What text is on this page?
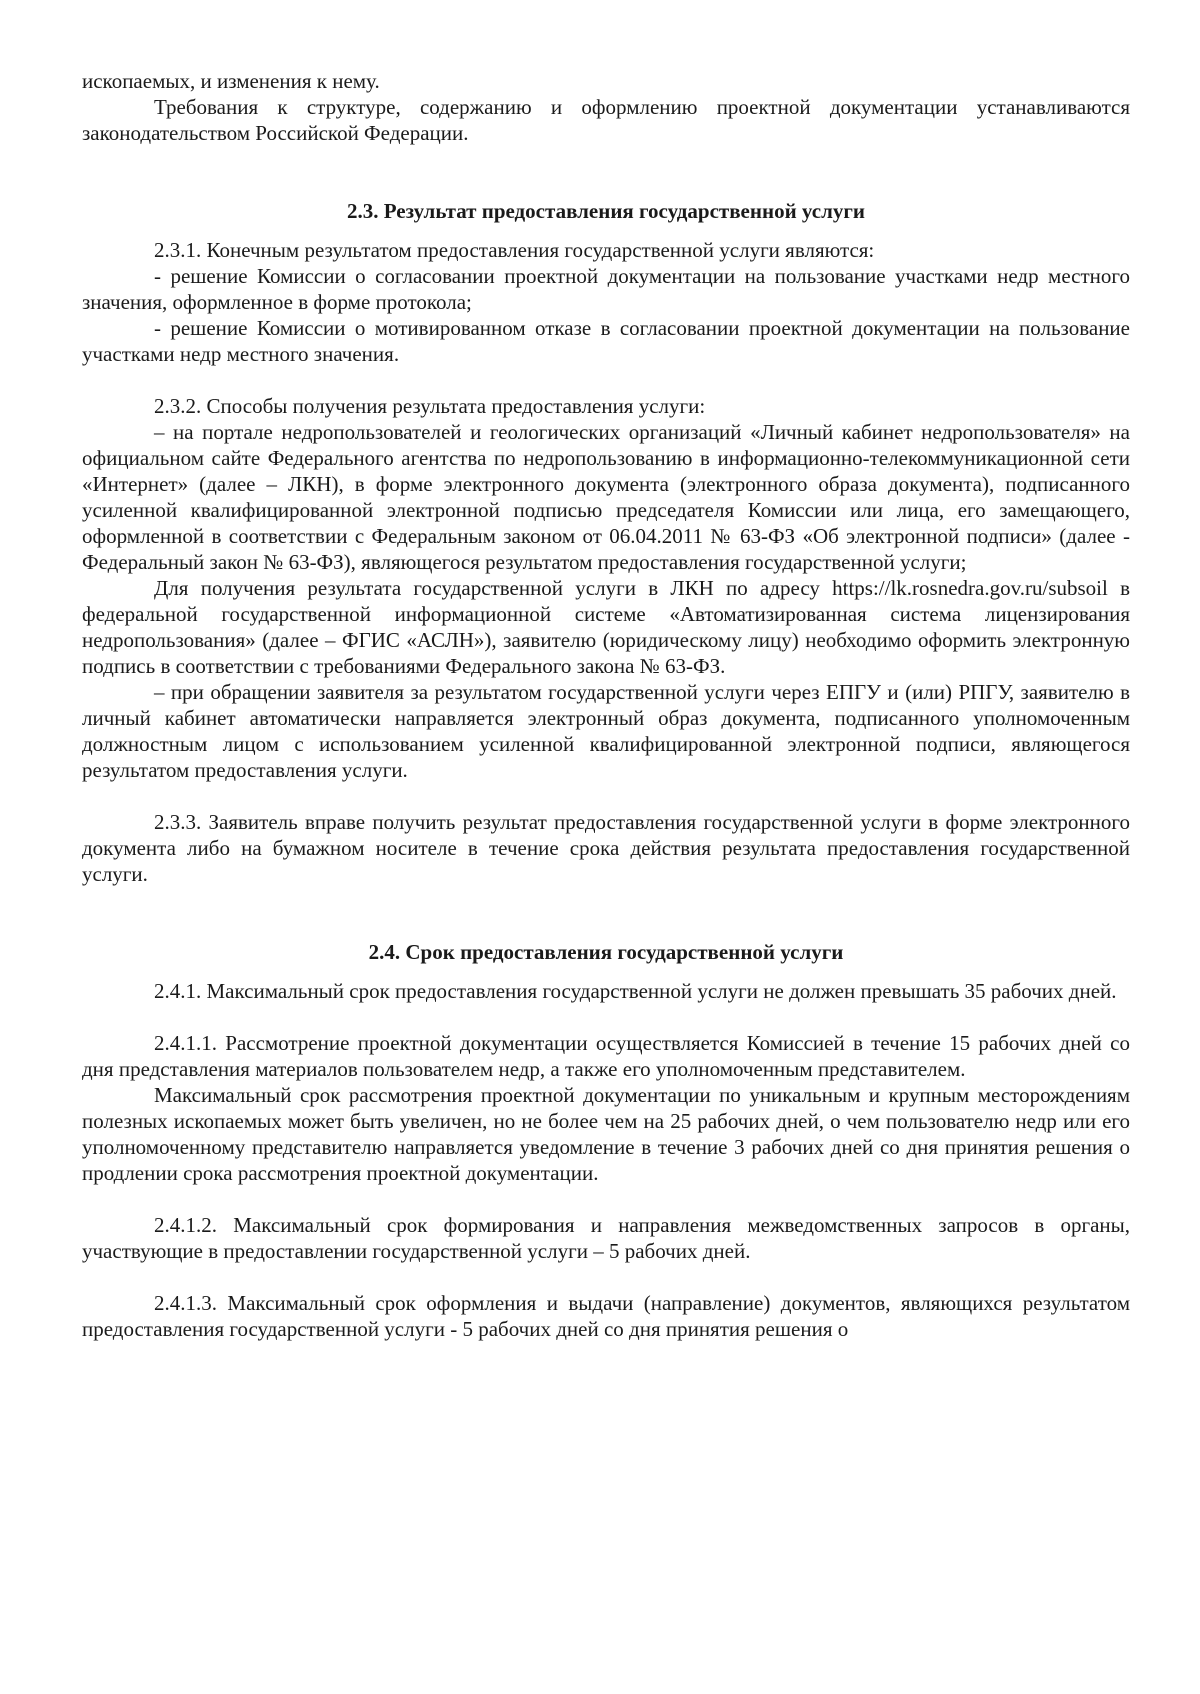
ископаемых, и изменения к нему.

Требования к структуре, содержанию и оформлению проектной документации устанавливаются законодательством Российской Федерации.

2.3. Результат предоставления государственной услуги

2.3.1. Конечным результатом предоставления государственной услуги являются:

- решение Комиссии о согласовании проектной документации на пользование участками недр местного значения, оформленное в форме протокола;

- решение Комиссии о мотивированном отказе в согласовании проектной документации на пользование участками недр местного значения.

2.3.2. Способы получения результата предоставления услуги:

– на портале недропользователей и геологических организаций «Личный кабинет недропользователя» на официальном сайте Федерального агентства по недропользованию в информационно-телекоммуникационной сети «Интернет» (далее – ЛКН), в форме электронного документа (электронного образа документа), подписанного усиленной квалифицированной электронной подписью председателя Комиссии или лица, его замещающего, оформленной в соответствии с Федеральным законом от 06.04.2011 № 63-ФЗ «Об электронной подписи» (далее - Федеральный закон № 63-ФЗ), являющегося результатом предоставления государственной услуги;

Для получения результата государственной услуги в ЛКН по адресу https://lk.rosnedra.gov.ru/subsoil в федеральной государственной информационной системе «Автоматизированная система лицензирования недропользования» (далее – ФГИС «АСЛН»), заявителю (юридическому лицу) необходимо оформить электронную подпись в соответствии с требованиями Федерального закона № 63-ФЗ.

– при обращении заявителя за результатом государственной услуги через ЕПГУ и (или) РПГУ, заявителю в личный кабинет автоматически направляется электронный образ документа, подписанного уполномоченным должностным лицом с использованием усиленной квалифицированной электронной подписи, являющегося результатом предоставления услуги.

2.3.3. Заявитель вправе получить результат предоставления государственной услуги в форме электронного документа либо на бумажном носителе в течение срока действия результата предоставления государственной услуги.

2.4. Срок предоставления государственной услуги

2.4.1. Максимальный срок предоставления государственной услуги не должен превышать 35 рабочих дней.

2.4.1.1. Рассмотрение проектной документации осуществляется Комиссией в течение 15 рабочих дней со дня представления материалов пользователем недр, а также его уполномоченным представителем.

Максимальный срок рассмотрения проектной документации по уникальным и крупным месторождениям полезных ископаемых может быть увеличен, но не более чем на 25 рабочих дней, о чем пользователю недр или его уполномоченному представителю направляется уведомление в течение 3 рабочих дней со дня принятия решения о продлении срока рассмотрения проектной документации.

2.4.1.2. Максимальный срок формирования и направления межведомственных запросов в органы, участвующие в предоставлении государственной услуги – 5 рабочих дней.

2.4.1.3. Максимальный срок оформления и выдачи (направление) документов, являющихся результатом предоставления государственной услуги - 5 рабочих дней со дня принятия решения о
